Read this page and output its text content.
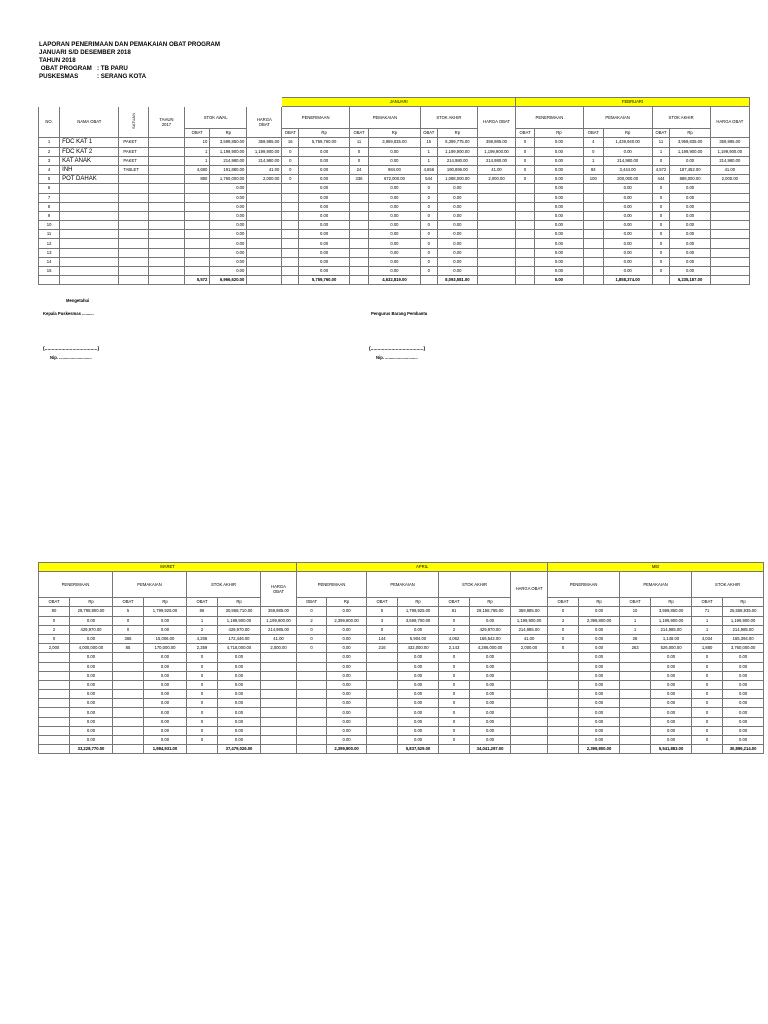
LAPORAN PENERIMAAN DAN PEMAKAIAN OBAT PROGRAM
JANUARI S/D DESEMBER 2018
TAHUN 2018
OBAT PROGRAM : TB PARU
PUSKESMAS	: SERANG KOTA
							JANUARI							FEBRUARI						
NO.	NAMA OBAT	SATUAN	TAHUN
2017	STOK AWAL		HARGA
OBAT	PENERIMAAN		PEMAKAIAN		STOK AKHIR		HARGA OBAT	PENERIMAAN		PEMAKAIAN		STOK AKHIR		HARGA OBAT
				OBAT	Rp		OBAT	Rp	OBAT	Rp	OBAT	Rp		OBAT	Rp	OBAT	Rp	OBAT	Rp	
1	FDC KAT 1	PAKET		10	3,599,850.00	359,985.00	16	5,759,760.00	11	3,959,835.00	15	5,399,775.00	359,985.00	0	0.00	4	1,439,940.00	11	3,959,835.00	359,985.00
2	FDC KAT 2	PAKET		1	1,199,900.00	1,199,900.00	0	0.00	0	0.00	1	1,199,900.00	1,199,900.00	0	0.00	0	0.00	1	1,199,900.00	1,199,900.00
3	KAT ANAK	PAKET		1	214,980.00	214,980.00	0	0.00	0	0.00	1	214,980.00	214,980.00	0	0.00	1	214,980.00	0	0.00	214,980.00
4	INH	TABLET		4,680	191,880.00	41.00	0	0.00	24	984.00	4,656	190,896.00	41.00	0	0.00	84	3,444.00	4,572	187,452.00	41.00
5	POT DAHAK			880	1,760,000.00	2,000.00	0	0.00	336	672,000.00	544	1,088,000.00	2,000.00	0	0.00	100	200,000.00	444	888,000.00	2,000.00
6					0.00			0.00		0.00	0	0.00			0.00		0.00	0	0.00	
7					0.00			0.00		0.00	0	0.00			0.00		0.00	0	0.00	
8					0.00			0.00		0.00	0	0.00			0.00		0.00	0	0.00	
9					0.00			0.00		0.00	0	0.00			0.00		0.00	0	0.00	
10					0.00			0.00		0.00	0	0.00			0.00		0.00	0	0.00	
11					0.00			0.00		0.00	0	0.00			0.00		0.00	0	0.00	
12					0.00			0.00		0.00	0	0.00			0.00		0.00	0	0.00	
13					0.00			0.00		0.00	0	0.00			0.00		0.00	0	0.00	
14					0.00			0.00		0.00	0	0.00			0.00		0.00	0	0.00	
15					0.00			0.00		0.00	0	0.00			0.00		0.00	0	0.00	
				5,572	6,966,620.00			5,759,760.00		4,632,819.00		8,093,581.00			0.00		1,858,374.00		6,235,187.00	
Mengetahui
Kepala Puskesmas ..........	Pengurus Barang Pembantu
(......................................)
Nip. ............................
(......................................)
Nip. ............................
MARET							APRIL							MEI					
PENERIMAAN		PEMAKAIAN		STOK AKHIR		HARGA
OBAT	PENERIMAAN		PEMAKAIAN		STOK AKHIR		HARGA OBAT	PENERIMAAN		PEMAKAIAN		STOK AKHIR	
OBAT	Rp	OBAT	Rp	OBAT	Rp		OBAT	Rp	OBAT	Rp	OBAT	Rp		OBAT	Rp	OBAT	Rp	OBAT	Rp
80	28,798,800.00	5	1,799,925.00	86	30,958,710.00	359,985.00	0	0.00	5	1,799,925.00	81	29,158,785.00	359,985.00	0	0.00	10	3,599,850.00	71	25,558,935.00
0	0.00	0	0.00	1	1,199,900.00	1,199,900.00	2	2,399,800.00	3	3,599,700.00	0	0.00	1,199,900.00	2	2,399,800.00	1	1,199,900.00	1	1,199,900.00
2	429,970.00	0	0.00	2	429,970.00	214,985.00	0	0.00	0	0.00	2	429,970.00	214,985.00	0	0.00	1	214,985.00	1	214,985.00
0	0.00	366	15,006.00	4,206	172,446.00	41.00	0	0.00	144	5,904.00	4,062	166,542.00	41.00	0	0.00	28	1,148.00	4,034	165,394.00
2,000	4,000,000.00	85	170,000.00	2,359	4,718,000.00	2,000.00	0	0.00	216	432,000.00	2,143	4,286,000.00	2,000.00	0	0.00	263	526,000.00	1,880	3,760,000.00
	0.00		0.00	0	0.00			0.00		0.00	0	0.00			0.00		0.00	0	0.00
	0.00		0.00	0	0.00			0.00		0.00	0	0.00			0.00		0.00	0	0.00
	0.00		0.00	0	0.00			0.00		0.00	0	0.00			0.00		0.00	0	0.00
	0.00		0.00	0	0.00			0.00		0.00	0	0.00			0.00		0.00	0	0.00
	0.00		0.00	0	0.00			0.00		0.00	0	0.00			0.00		0.00	0	0.00
	0.00		0.00	0	0.00			0.00		0.00	0	0.00			0.00		0.00	0	0.00
	0.00		0.00	0	0.00			0.00		0.00	0	0.00			0.00		0.00	0	0.00
	0.00		0.00	0	0.00			0.00		0.00	0	0.00			0.00		0.00	0	0.00
	0.00		0.00	0	0.00			0.00		0.00	0	0.00			0.00		0.00	0	0.00
	0.00		0.00	0	0.00			0.00		0.00	0	0.00			0.00		0.00	0	0.00
	33,228,770.00		1,984,931.00		37,479,026.00			2,399,800.00		5,837,529.00		34,041,297.00			2,399,800.00		5,541,883.00		30,899,214.00
